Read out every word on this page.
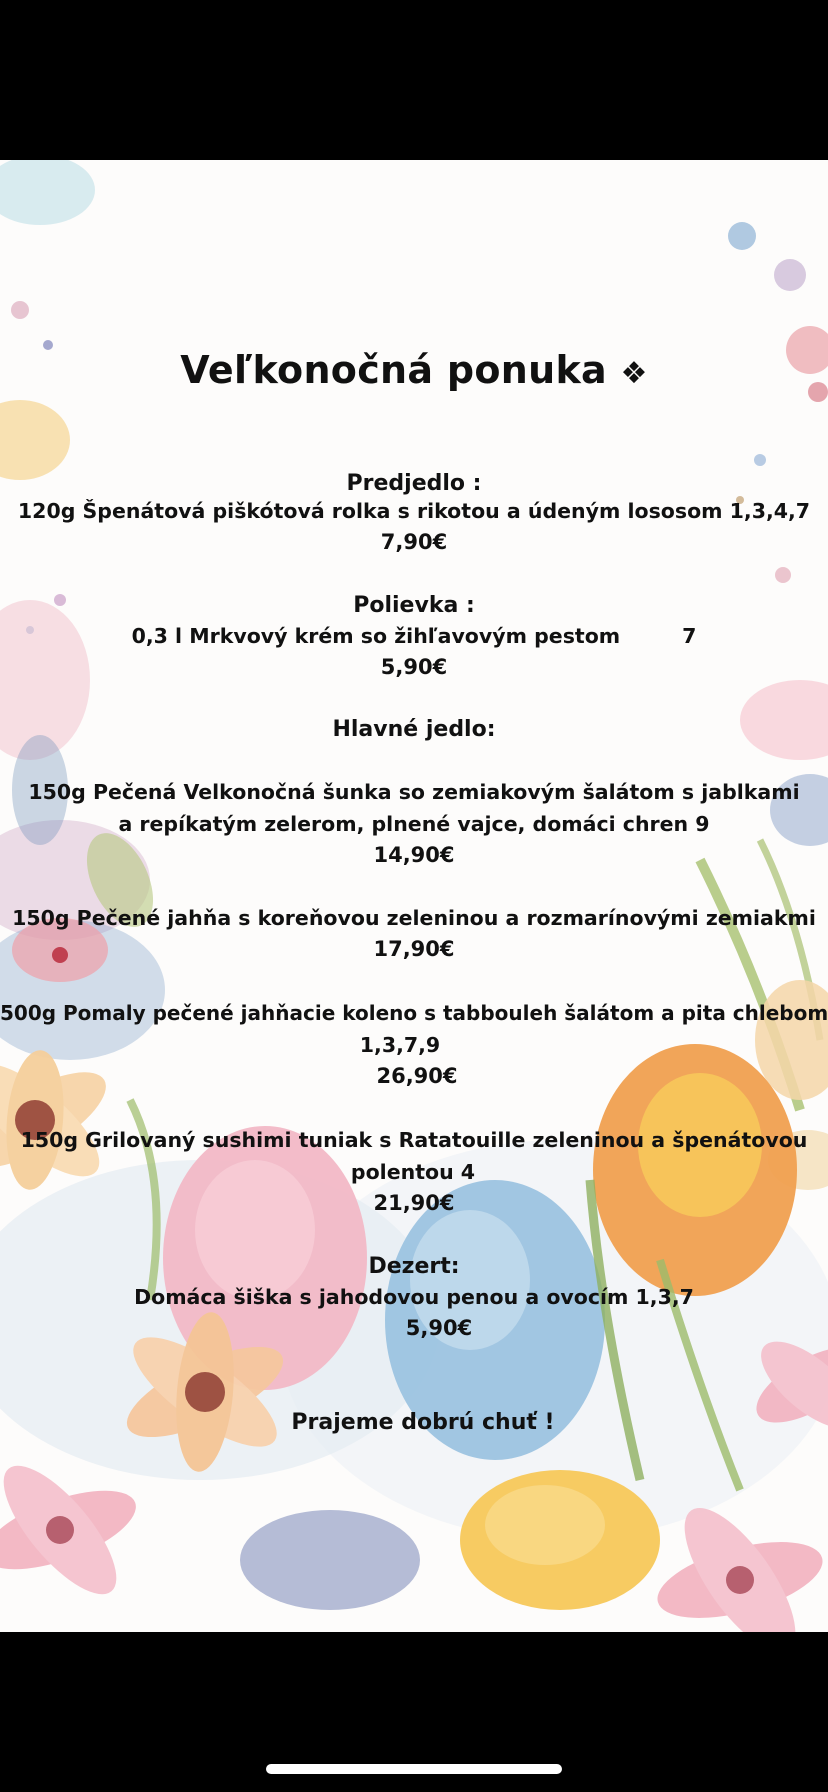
Veľkonočná ponuka ❖
Predjedlo :
120g Špenátová piškótová rolka s rikotou a údeným lososom 1,3,4,7
7,90€
Polievka :
0,3 l Mrkvový krém so žihľavovým pestom	7
5,90€
Hlavné jedlo:
150g Pečená Velkonočná šunka so zemiakovým šalátom s jablkami
a repíkatým zelerom, plnené vajce, domáci chren 9
14,90€
150g Pečené jahňa s koreňovou zeleninou a rozmarínovými zemiakmi
17,90€
500g Pomaly pečené jahňacie koleno s tabbouleh šalátom a pita chlebom
1,3,7,9
26,90€
150g Grilovaný sushimi tuniak s Ratatouille zeleninou a špenátovou
polentou 4
21,90€
Dezert:
Domáca šiška s jahodovou penou a ovocím 1,3,7
5,90€
Prajeme dobrú chuť !
